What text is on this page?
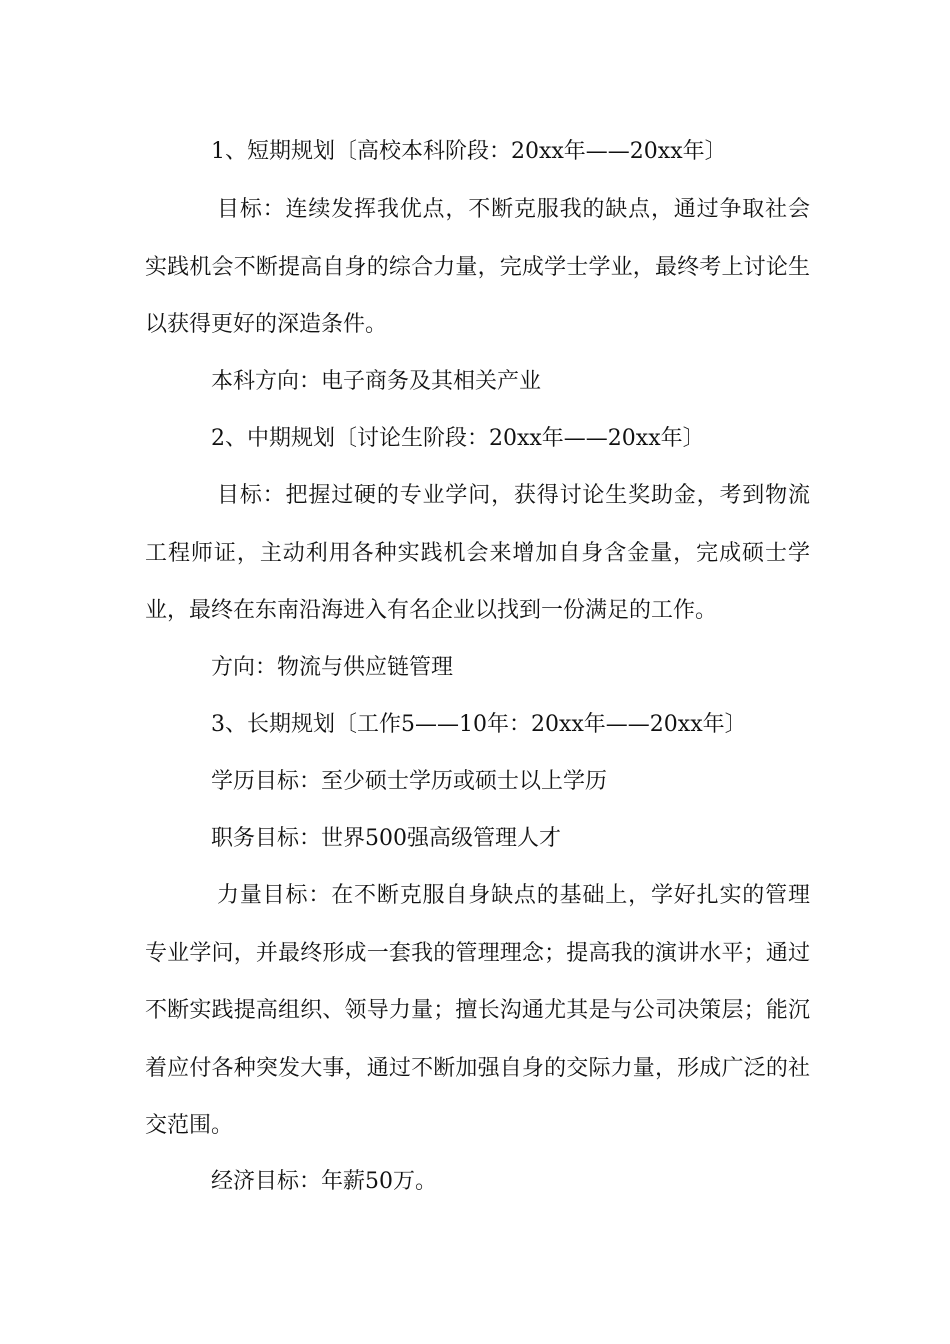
1、短期规划〔高校本科阶段：20xx年——20xx年〕

目标：连续发挥我优点，不断克服我的缺点，通过争取社会实践机会不断提高自身的综合力量，完成学士学业，最终考上讨论生以获得更好的深造条件。

本科方向：电子商务及其相关产业

2、中期规划〔讨论生阶段：20xx年——20xx年〕

目标：把握过硬的专业学问，获得讨论生奖助金，考到物流工程师证，主动利用各种实践机会来增加自身含金量，完成硕士学业，最终在东南沿海进入有名企业以找到一份满足的工作。

方向：物流与供应链管理

3、长期规划〔工作5——10年：20xx年——20xx年〕

学历目标：至少硕士学历或硕士以上学历

职务目标：世界500强高级管理人才

力量目标：在不断克服自身缺点的基础上，学好扎实的管理专业学问，并最终形成一套我的管理理念；提高我的演讲水平；通过不断实践提高组织、领导力量；擅长沟通尤其是与公司决策层；能沉着应付各种突发大事，通过不断加强自身的交际力量，形成广泛的社交范围。

经济目标：年薪50万。
